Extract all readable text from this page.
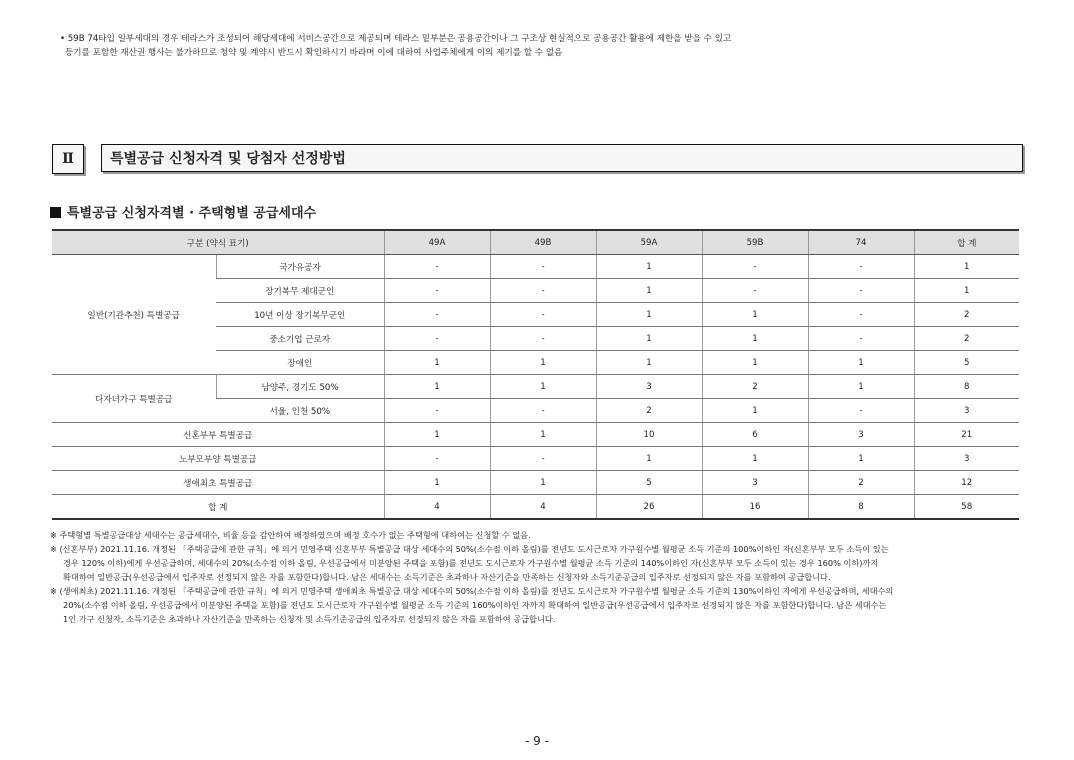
• 59B 74타입 일부세대의 경우 테라스가 조성되어 해당세대에 서비스공간으로 제공되며 테라스 밑부분은 공용공간이나 그 구조상 현실적으로 공용공간 활용에 제한을 받을 수 있고
등기를 포함한 재산권 행사는 불가하므로 청약 및 계약시 반드시 확인하시기 바라며 이에 대하여 사업주체에게 이의 제기를 할 수 없음
Ⅱ	특별공급 신청자격 및 당첨자 선정방법
특별공급 신청자격별 · 주택형별 공급세대수
구분 (약식 표기)		49A	49B	59A	59B	74	합 계
일반(기관추천) 특별공급	국가유공자	-	-	1	-	-	1
	장기복무 제대군인	-	-	1	-	-	1
	10년 이상 장기복무군인	-	-	1	1	-	2
	중소기업 근로자	-	-	1	1	-	2
	장애인	1	1	1	1	1	5
다자녀가구 특별공급	남양주, 경기도 50%	1	1	3	2	1	8
	서울, 인천 50%	-	-	2	1	-	3
신혼부부 특별공급		1	1	10	6	3	21
노부모부양 특별공급		-	-	1	1	1	3
생애최초 특별공급		1	1	5	3	2	12
합 계		4	4	26	16	8	58

※ 주택형별 특별공급대상 세대수는 공급세대수, 비율 등을 감안하여 배정하였으며 배정 호수가 없는 주택형에 대하여는 신청할 수 없음.

※ (신혼부부) 2021.11.16. 개정된 「주택공급에 관한 규칙」에 의거 민영주택 신혼부부 특별공급 대상 세대수의 50%(소수점 이하 올림)를 전년도 도시근로자 가구원수별 월평균 소득 기준의 100%이하인 자(신혼부부 모두 소득이 있는

경우 120% 이하)에게 우선공급하며, 세대수의 20%(소수점 이하 올림, 우선공급에서 미분양된 주택을 포함)를 전년도 도시근로자 가구원수별 월평균 소득 기준의 140%이하인 자(신혼부부 모두 소득이 있는 경우 160% 이하)까지

확대하여 일반공급(우선공급에서 입주자로 선정되지 않은 자를 포함한다)합니다. 남은 세대수는 소득기준은 초과하나 자산기준을 만족하는 신청자와 소득기준공급의 입주자로 선정되지 않은 자를 포함하여 공급합니다.

※ (생애최초) 2021.11.16. 개정된 「주택공급에 관한 규칙」에 의거 민영주택 생애최초 특별공급 대상 세대수의 50%(소수점 이하 올림)를 전년도 도시근로자 가구원수별 월평균 소득 기준의 130%이하인 자에게 우선공급하며, 세대수의

20%(소수점 이하 올림, 우선공급에서 미분양된 주택을 포함)를 전년도 도시근로자 가구원수별 월평균 소득 기준의 160%이하인 자까지 확대하여 일반공급(우선공급에서 입주자로 선정되지 않은 자를 포함한다)합니다. 남은 세대수는

1인 가구 신청자, 소득기준은 초과하나 자산기준을 만족하는 신청자 및 소득기준공급의 입주자로 선정되지 않은 자를 포함하여 공급합니다.

- 9 -
